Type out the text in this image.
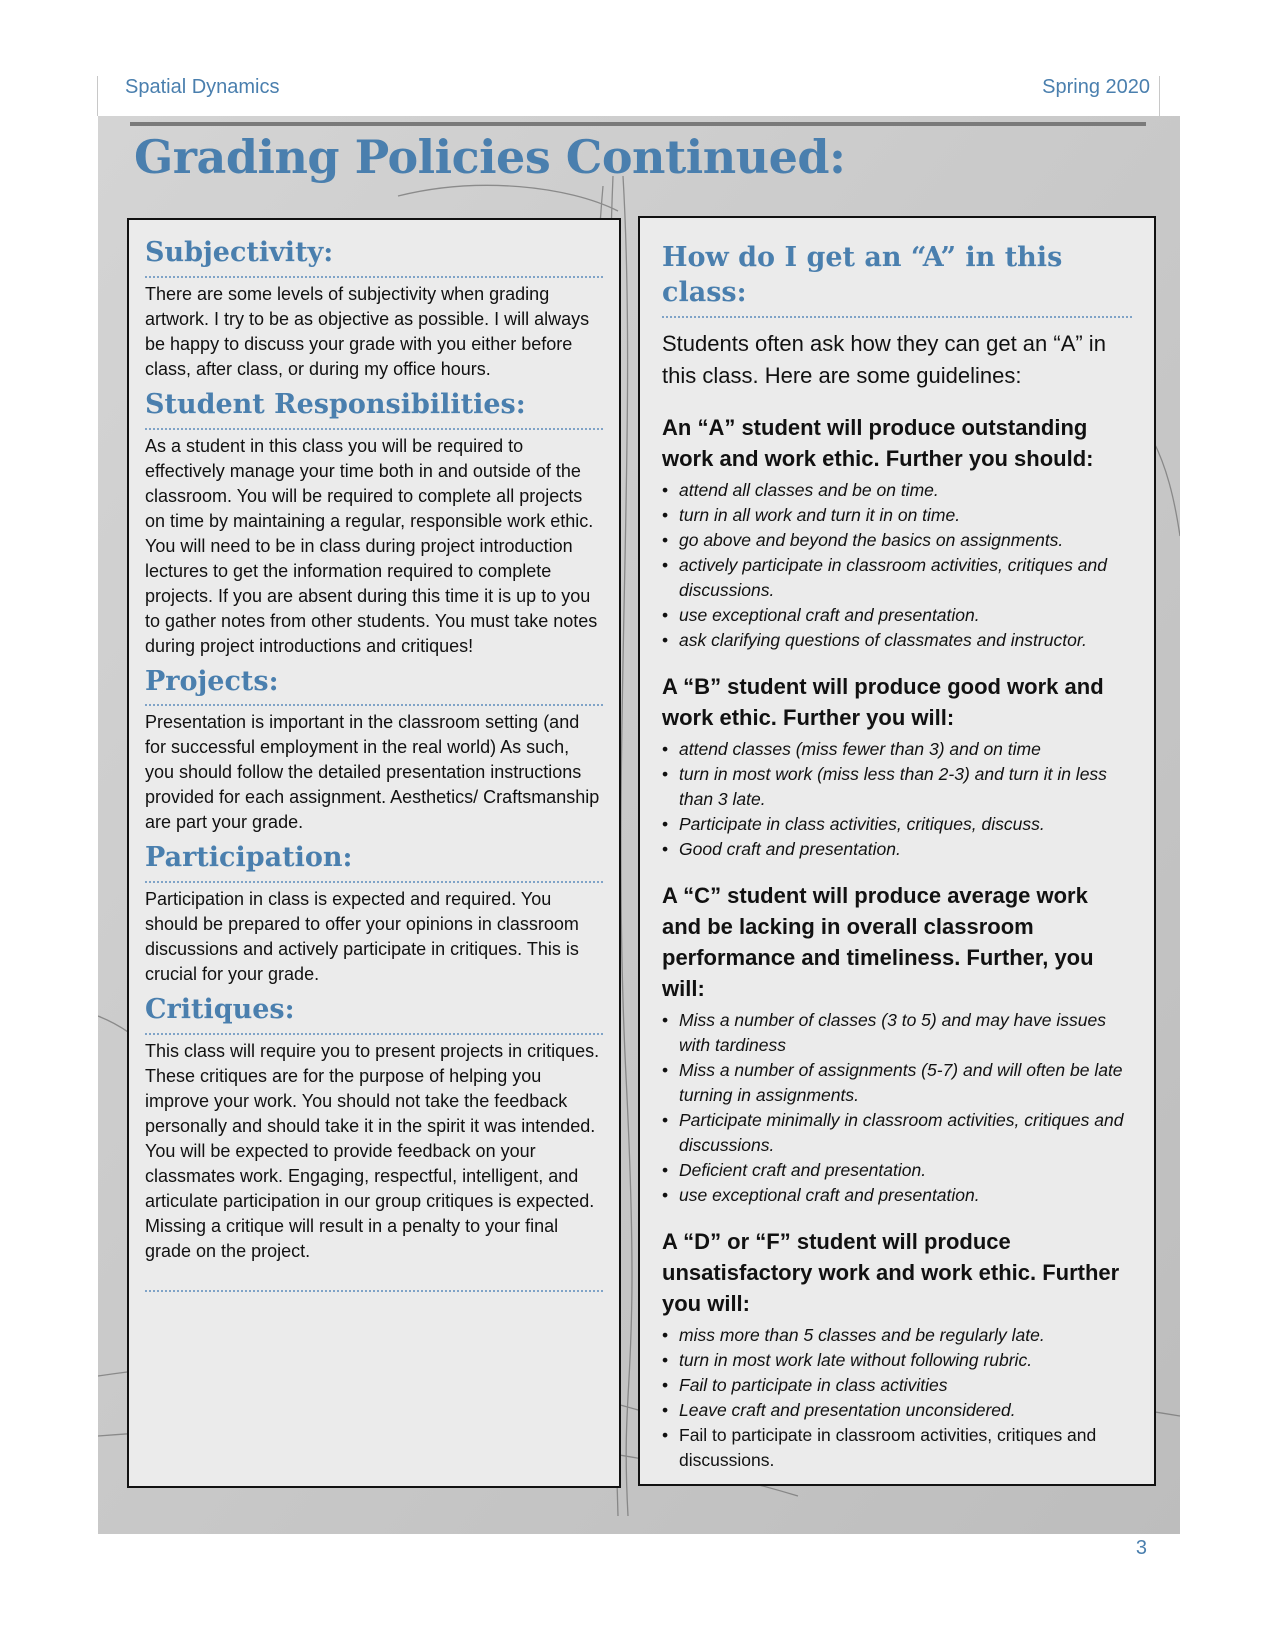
Spatial Dynamics	Spring 2020
Grading Policies Continued:
Subjectivity:

There are some levels of subjectivity when grading artwork. I try to be as objective as possible. I will always be happy to discuss your grade with you either before class, after class, or during my office hours.

Student Responsibilities:

As a student in this class you will be required to effectively manage your time both in and outside of the classroom. You will be required to complete all projects on time by maintaining a regular, responsible work ethic. You will need to be in class during project introduction lectures to get the information required to complete projects. If you are absent during this time it is up to you to gather notes from other students. You must take notes during project introductions and critiques!

Projects:

Presentation is important in the classroom setting (and for successful employment in the real world) As such, you should follow the detailed presentation instructions provided for each assignment. Aesthetics/ Craftsmanship are part your grade.

Participation:

Participation in class is expected and required. You should be prepared to offer your opinions in classroom discussions and actively participate in critiques. This is crucial for your grade.

Critiques:

This class will require you to present projects in critiques. These critiques are for the purpose of helping you improve your work. You should not take the feedback personally and should take it in the spirit it was intended. You will be expected to provide feedback on your classmates work. Engaging, respectful, intelligent, and articulate participation in our group critiques is expected. Missing a critique will result in a penalty to your final grade on the project.

How do I get an “A” in this class:

Students often ask how they can get an “A” in this class. Here are some guidelines:

An “A” student will produce outstanding work and work ethic. Further you should:

• attend all classes and be on time.
• turn in all work and turn it in on time.
• go above and beyond the basics on assignments.
• actively participate in classroom activities, critiques and discussions.
• use exceptional craft and presentation.
• ask clarifying questions of classmates and instructor.

A “B” student will produce good work and work ethic. Further you will:

• attend classes (miss fewer than 3) and on time
• turn in most work (miss less than 2-3) and turn it in less than 3 late.
• Participate in class activities, critiques, discuss.
• Good craft and presentation.

A “C” student will produce average work and be lacking in overall classroom performance and timeliness. Further, you will:

• Miss a number of classes (3 to 5) and may have issues with tardiness
• Miss a number of assignments (5-7) and will often be late turning in assignments.
• Participate minimally in classroom activities, critiques and discussions.
• Deficient craft and presentation.
• use exceptional craft and presentation.

A “D” or “F” student will produce unsatisfactory work and work ethic. Further you will:

• miss more than 5 classes and be regularly late.
• turn in most work late without following rubric.
• Fail to participate in class activities
• Leave craft and presentation unconsidered.
• Fail to participate in classroom activities, critiques and discussions.
3
